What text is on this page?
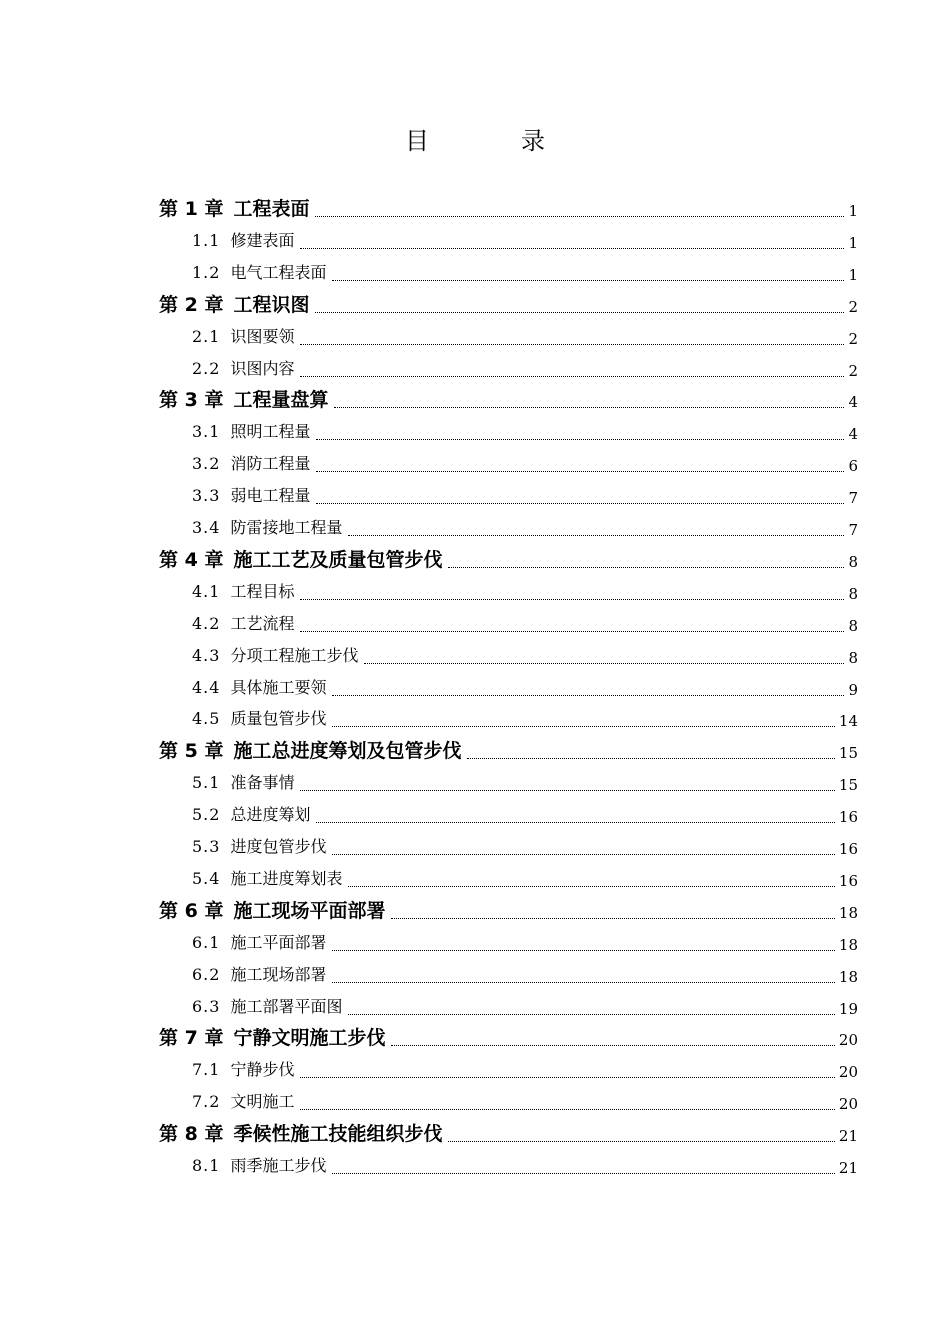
目	录
第 1 章 工程表面	1
1.1 修建表面	1
1.2 电气工程表面	1
第 2 章 工程识图	2
2.1 识图要领	2
2.2 识图内容	2
第 3 章 工程量盘算	4
3.1 照明工程量	4
3.2 消防工程量	6
3.3 弱电工程量	7
3.4 防雷接地工程量	7
第 4 章 施工工艺及质量包管步伐	8
4.1 工程目标	8
4.2 工艺流程	8
4.3 分项工程施工步伐	8
4.4 具体施工要领	9
4.5 质量包管步伐	14
第 5 章 施工总进度筹划及包管步伐	15
5.1 准备事情	15
5.2 总进度筹划	16
5.3 进度包管步伐	16
5.4 施工进度筹划表	16
第 6 章 施工现场平面部署	18
6.1 施工平面部署	18
6.2 施工现场部署	18
6.3 施工部署平面图	19
第 7 章 宁静文明施工步伐	20
7.1 宁静步伐	20
7.2 文明施工	20
第 8 章 季候性施工技能组织步伐	21
8.1 雨季施工步伐	21
